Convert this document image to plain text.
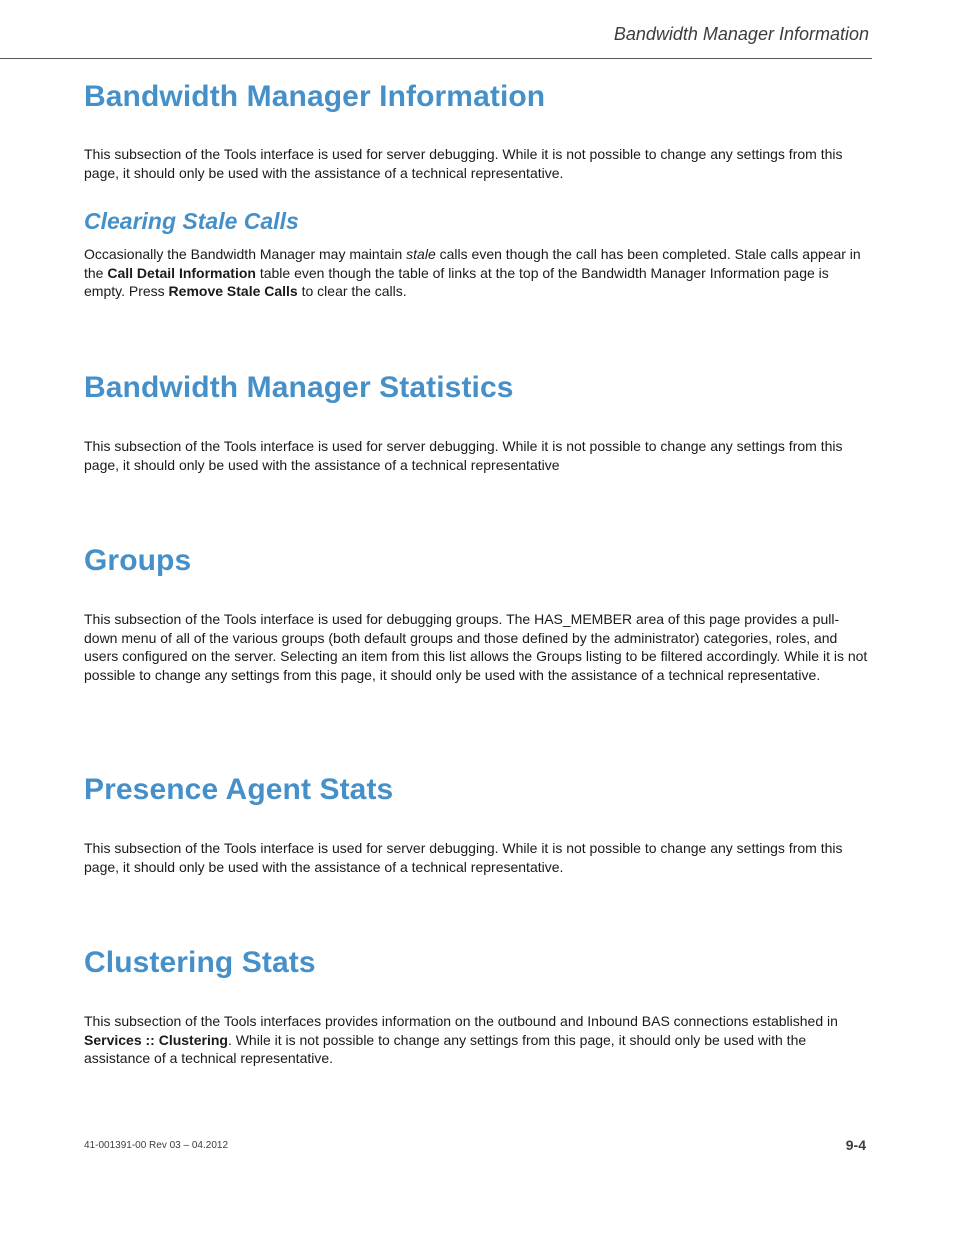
Bandwidth Manager Information
Bandwidth Manager Information

This subsection of the Tools interface is used for server debugging. While it is not possible to change any settings from this page, it should only be used with the assistance of a technical representative.

Clearing Stale Calls

Occasionally the Bandwidth Manager may maintain stale calls even though the call has been completed. Stale calls appear in the Call Detail Information table even though the table of links at the top of the Bandwidth Manager Information page is empty. Press Remove Stale Calls to clear the calls.

Bandwidth Manager Statistics

This subsection of the Tools interface is used for server debugging. While it is not possible to change any settings from this page, it should only be used with the assistance of a technical representative

Groups

This subsection of the Tools interface is used for debugging groups. The HAS_MEMBER area of this page provides a pull-down menu of all of the various groups (both default groups and those defined by the administrator) categories, roles, and users configured on the server. Selecting an item from this list allows the Groups listing to be filtered accordingly. While it is not possible to change any settings from this page, it should only be used with the assistance of a technical representative.

Presence Agent Stats

This subsection of the Tools interface is used for server debugging. While it is not possible to change any settings from this page, it should only be used with the assistance of a technical representative.

Clustering Stats

This subsection of the Tools interfaces provides information on the outbound and Inbound BAS connections established in Services :: Clustering. While it is not possible to change any settings from this page, it should only be used with the assistance of a technical representative.

41-001391-00 Rev 03 – 04.2012	9-4
